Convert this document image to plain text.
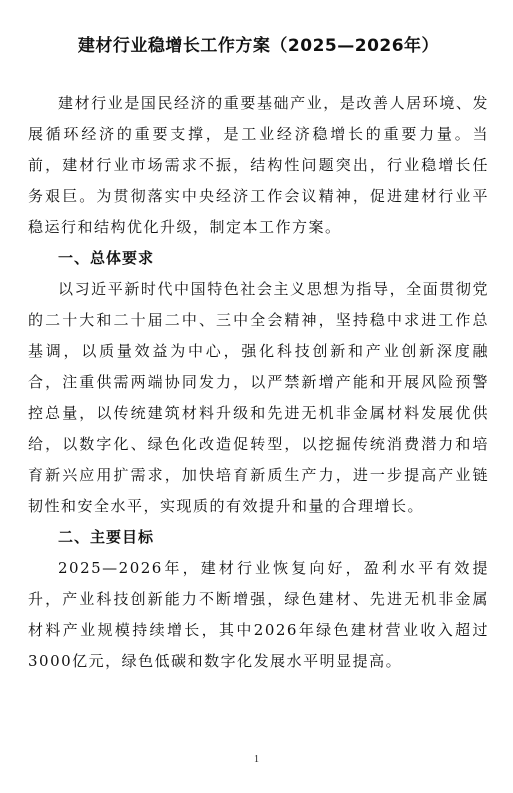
建材行业稳增长工作方案（2025—2026年）

建材行业是国民经济的重要基础产业，是改善人居环境、发展循环经济的重要支撑，是工业经济稳增长的重要力量。当前，建材行业市场需求不振，结构性问题突出，行业稳增长任务艰巨。为贯彻落实中央经济工作会议精神，促进建材行业平稳运行和结构优化升级，制定本工作方案。

一、总体要求

以习近平新时代中国特色社会主义思想为指导，全面贯彻党的二十大和二十届二中、三中全会精神，坚持稳中求进工作总基调，以质量效益为中心，强化科技创新和产业创新深度融合，注重供需两端协同发力，以严禁新增产能和开展风险预警控总量，以传统建筑材料升级和先进无机非金属材料发展优供给，以数字化、绿色化改造促转型，以挖掘传统消费潜力和培育新兴应用扩需求，加快培育新质生产力，进一步提高产业链韧性和安全水平，实现质的有效提升和量的合理增长。

二、主要目标

2025—2026年，建材行业恢复向好，盈利水平有效提升，产业科技创新能力不断增强，绿色建材、先进无机非金属材料产业规模持续增长，其中2026年绿色建材营业收入超过3000亿元，绿色低碳和数字化发展水平明显提高。

1
